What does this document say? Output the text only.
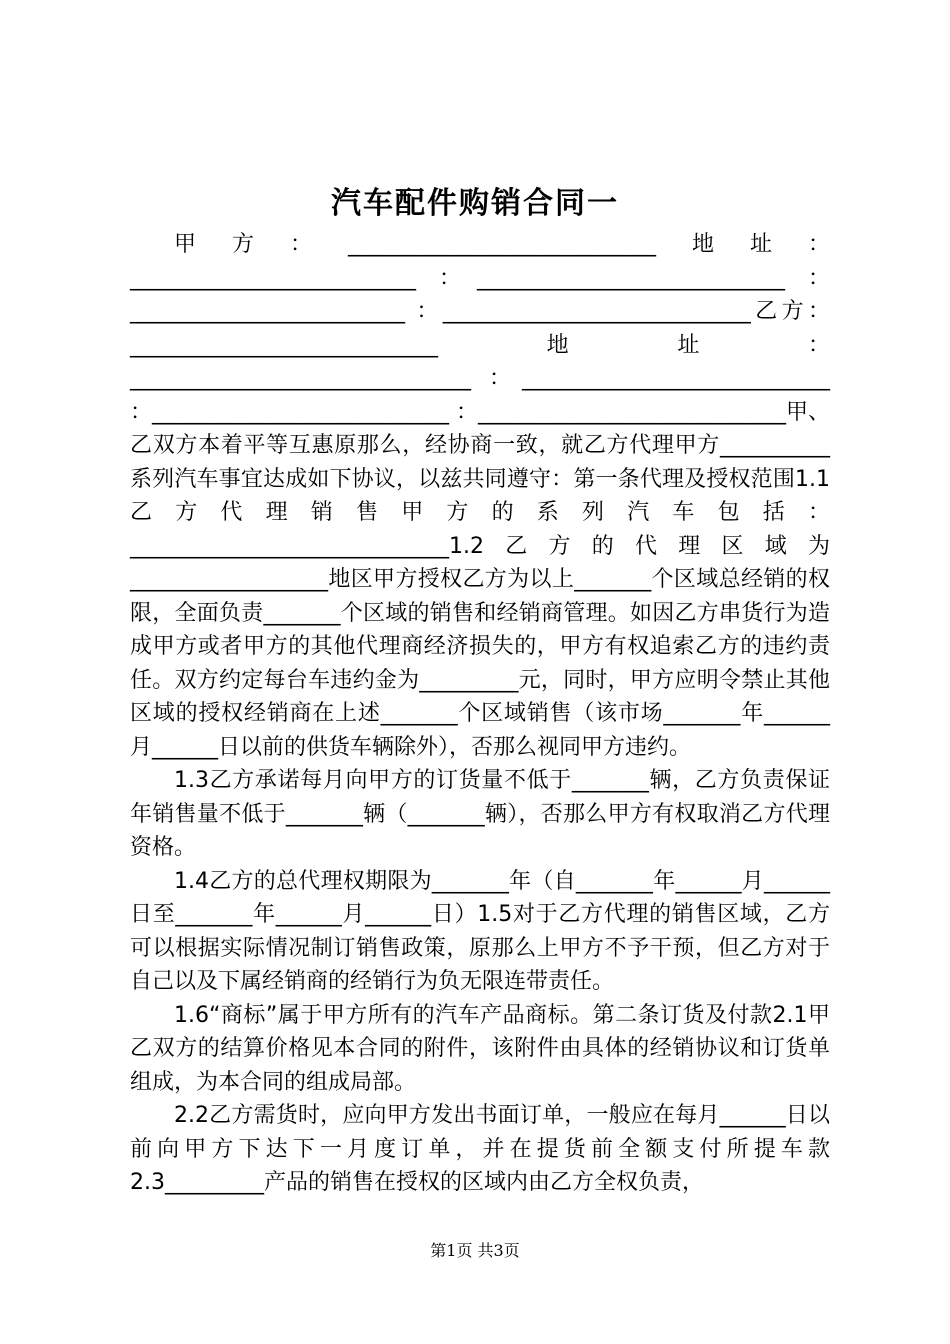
汽车配件购销合同一

甲方：____________________________地址：__________________________ ：____________________________ ：_________________________ ：____________________________乙方：____________________________地址：_______________________________ ：____________________________ ：___________________________ ：____________________________甲、乙双方本着平等互惠原那么，经协商一致，就乙方代理甲方__________系列汽车事宜达成如下协议，以兹共同遵守：第一条代理及授权范围1.1乙方代理销售甲方的系列汽车包括：_____________________________1.2乙方的代理区域为__________________地区甲方授权乙方为以上_______个区域总经销的权限，全面负责_______个区域的销售和经销商管理。如因乙方串货行为造成甲方或者甲方的其他代理商经济损失的，甲方有权追索乙方的违约责任。双方约定每台车违约金为_________元，同时，甲方应明令禁止其他区域的授权经销商在上述_______个区域销售（该市场_______年______月______日以前的供货车辆除外），否那么视同甲方违约。

1.3乙方承诺每月向甲方的订货量不低于_______辆，乙方负责保证年销售量不低于_______辆（_______辆），否那么甲方有权取消乙方代理资格。

1.4乙方的总代理权期限为_______年（自_______年______月______日至_______年______月______日）1.5对于乙方代理的销售区域，乙方可以根据实际情况制订销售政策，原那么上甲方不予干预，但乙方对于自己以及下属经销商的经销行为负无限连带责任。

1.6“商标”属于甲方所有的汽车产品商标。第二条订货及付款2.1甲乙双方的结算价格见本合同的附件，该附件由具体的经销协议和订货单组成，为本合同的组成局部。

2.2乙方需货时，应向甲方发出书面订单，一般应在每月______日以前向甲方下达下一月度订单，并在提货前全额支付所提车款2.3_________产品的销售在授权的区域内由乙方全权负责，

第1页 共3页
